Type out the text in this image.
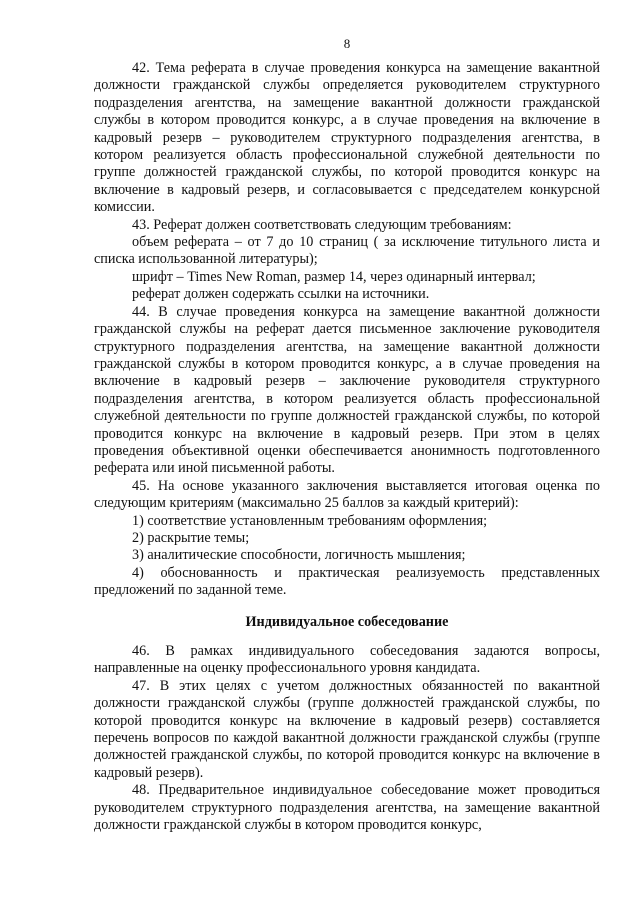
8

42. Тема реферата в случае проведения конкурса на замещение вакантной должности гражданской службы определяется руководителем структурного подразделения агентства, на замещение вакантной должности гражданской службы в котором проводится конкурс, а в случае проведения на включение в кадровый резерв – руководителем структурного подразделения агентства, в котором реализуется область профессиональной служебной деятельности по группе должностей гражданской службы, по которой проводится конкурс на включение в кадровый резерв, и согласовывается с председателем конкурсной комиссии.

43. Реферат должен соответствовать следующим требованиям:

объем реферата – от 7 до 10 страниц ( за исключение титульного листа и списка использованной литературы);

шрифт – Times New Roman, размер 14, через одинарный интервал;

реферат должен содержать ссылки на источники.

44. В случае проведения конкурса на замещение вакантной должности гражданской службы на реферат дается письменное заключение руководителя структурного подразделения агентства, на замещение вакантной должности гражданской службы в котором проводится конкурс, а в случае проведения на включение в кадровый резерв – заключение руководителя структурного подразделения агентства, в котором реализуется область профессиональной служебной деятельности по группе должностей гражданской службы, по которой проводится конкурс на включение в кадровый резерв. При этом в целях проведения объективной оценки обеспечивается анонимность подготовленного реферата или иной письменной работы.

45. На основе указанного заключения выставляется итоговая оценка по следующим критериям (максимально 25 баллов за каждый критерий):

1) соответствие установленным требованиям оформления;

2) раскрытие темы;

3) аналитические способности, логичность мышления;

4) обоснованность и практическая реализуемость представленных предложений по заданной теме.

Индивидуальное собеседование

46. В рамках индивидуального собеседования задаются вопросы, направленные на оценку профессионального уровня кандидата.

47. В этих целях с учетом должностных обязанностей по вакантной должности гражданской службы (группе должностей гражданской службы, по которой проводится конкурс на включение в кадровый резерв) составляется перечень вопросов по каждой вакантной должности гражданской службы (группе должностей гражданской службы, по которой проводится конкурс на включение в кадровый резерв).

48. Предварительное индивидуальное собеседование может проводиться руководителем структурного подразделения агентства, на замещение вакантной должности гражданской службы в котором проводится конкурс,
